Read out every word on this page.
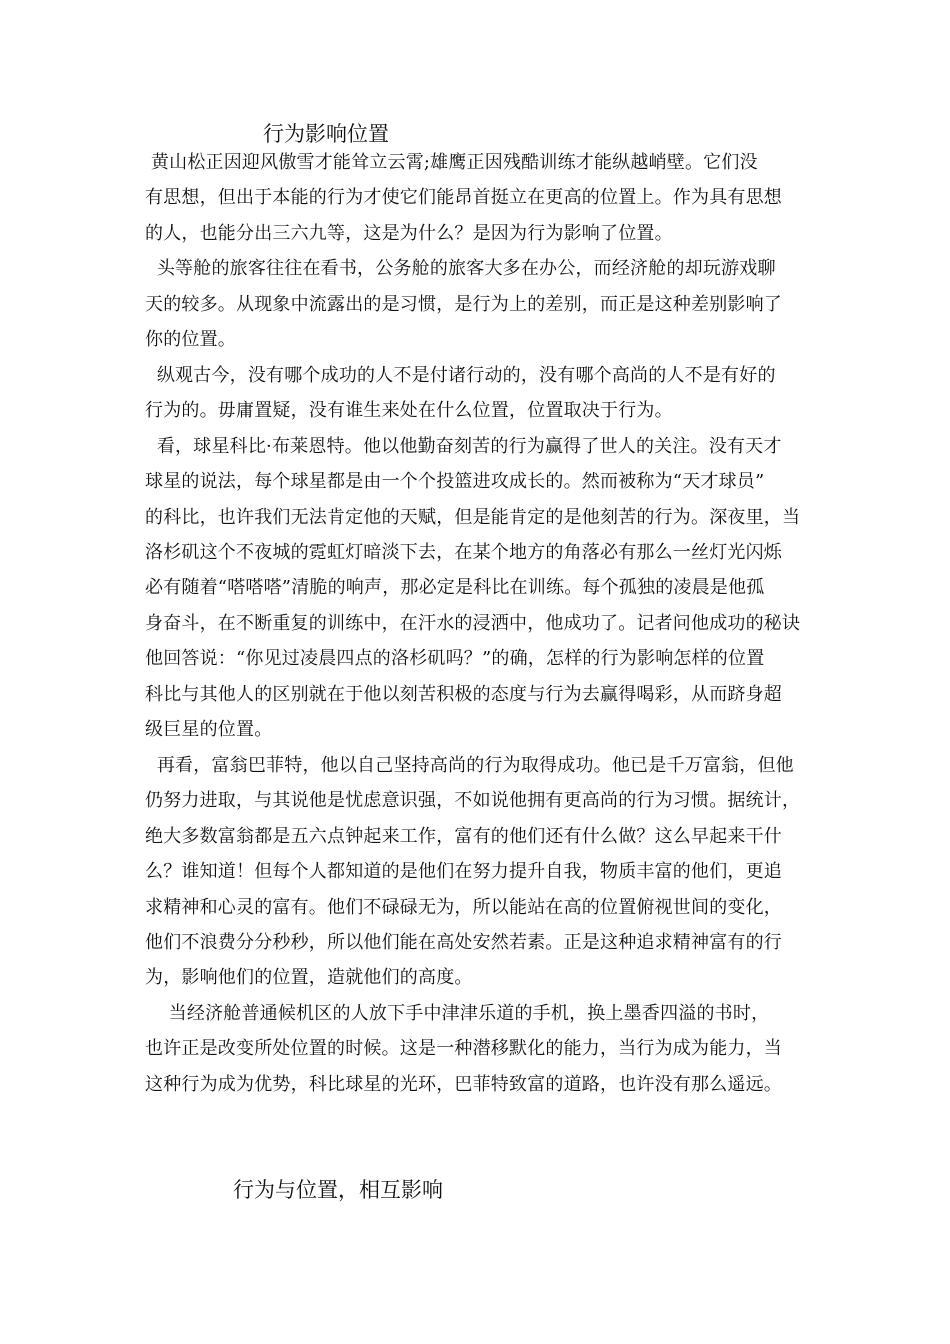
行为影响位置
黄山松正因迎风傲雪才能耸立云霄;雄鹰正因残酷训练才能纵越峭壁。它们没
有思想，但出于本能的行为才使它们能昂首挺立在更高的位置上。作为具有思想
的人，也能分出三六九等，这是为什么？是因为行为影响了位置。
头等舱的旅客往往在看书，公务舱的旅客大多在办公，而经济舱的却玩游戏聊
天的较多。从现象中流露出的是习惯，是行为上的差别，而正是这种差别影响了
你的位置。
纵观古今，没有哪个成功的人不是付诸行动的，没有哪个高尚的人不是有好的
行为的。毋庸置疑，没有谁生来处在什么位置，位置取决于行为。
看，球星科比·布莱恩特。他以他勤奋刻苦的行为赢得了世人的关注。没有天才
球星的说法，每个球星都是由一个个投篮进攻成长的。然而被称为“天才球员”
的科比，也许我们无法肯定他的天赋，但是能肯定的是他刻苦的行为。深夜里，当
洛杉矶这个不夜城的霓虹灯暗淡下去，在某个地方的角落必有那么一丝灯光闪烁
必有随着“嗒嗒嗒”清脆的响声，那必定是科比在训练。每个孤独的凌晨是他孤
身奋斗，在不断重复的训练中，在汗水的浸洒中，他成功了。记者问他成功的秘诀
他回答说：“你见过凌晨四点的洛杉矶吗？”的确，怎样的行为影响怎样的位置
科比与其他人的区别就在于他以刻苦积极的态度与行为去赢得喝彩，从而跻身超
级巨星的位置。
再看，富翁巴菲特，他以自己坚持高尚的行为取得成功。他已是千万富翁，但他
仍努力进取，与其说他是忧虑意识强，不如说他拥有更高尚的行为习惯。据统计，
绝大多数富翁都是五六点钟起来工作，富有的他们还有什么做？这么早起来干什
么？谁知道！但每个人都知道的是他们在努力提升自我，物质丰富的他们，更追
求精神和心灵的富有。他们不碌碌无为，所以能站在高的位置俯视世间的变化，
他们不浪费分分秒秒，所以他们能在高处安然若素。正是这种追求精神富有的行
为，影响他们的位置，造就他们的高度。
当经济舱普通候机区的人放下手中津津乐道的手机，换上墨香四溢的书时，
也许正是改变所处位置的时候。这是一种潜移默化的能力，当行为成为能力，当
这种行为成为优势，科比球星的光环，巴菲特致富的道路，也许没有那么遥远。
行为与位置，相互影响
